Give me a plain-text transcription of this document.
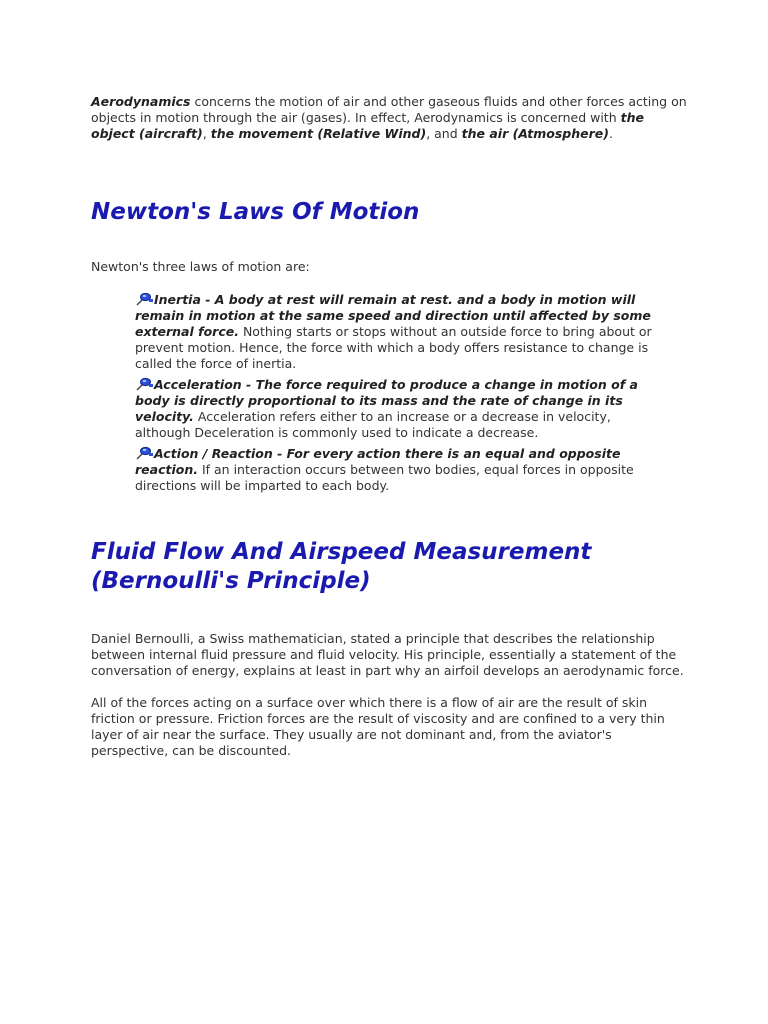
Aerodynamics concerns the motion of air and other gaseous fluids and other forces acting on objects in motion through the air (gases). In effect, Aerodynamics is concerned with the object (aircraft), the movement (Relative Wind), and the air (Atmosphere).

Newton's Laws Of Motion

Newton's three laws of motion are:

Inertia - A body at rest will remain at rest. and a body in motion will remain in motion at the same speed and direction until affected by some external force. Nothing starts or stops without an outside force to bring about or prevent motion. Hence, the force with which a body offers resistance to change is called the force of inertia.
Acceleration - The force required to produce a change in motion of a body is directly proportional to its mass and the rate of change in its velocity. Acceleration refers either to an increase or a decrease in velocity, although Deceleration is commonly used to indicate a decrease.
Action / Reaction - For every action there is an equal and opposite reaction. If an interaction occurs between two bodies, equal forces in opposite directions will be imparted to each body.
Fluid Flow And Airspeed Measurement (Bernoulli's Principle)

Daniel Bernoulli, a Swiss mathematician, stated a principle that describes the relationship between internal fluid pressure and fluid velocity. His principle, essentially a statement of the conversation of energy, explains at least in part why an airfoil develops an aerodynamic force.

All of the forces acting on a surface over which there is a flow of air are the result of skin friction or pressure. Friction forces are the result of viscosity and are confined to a very thin layer of air near the surface. They usually are not dominant and, from the aviator's perspective, can be discounted.
